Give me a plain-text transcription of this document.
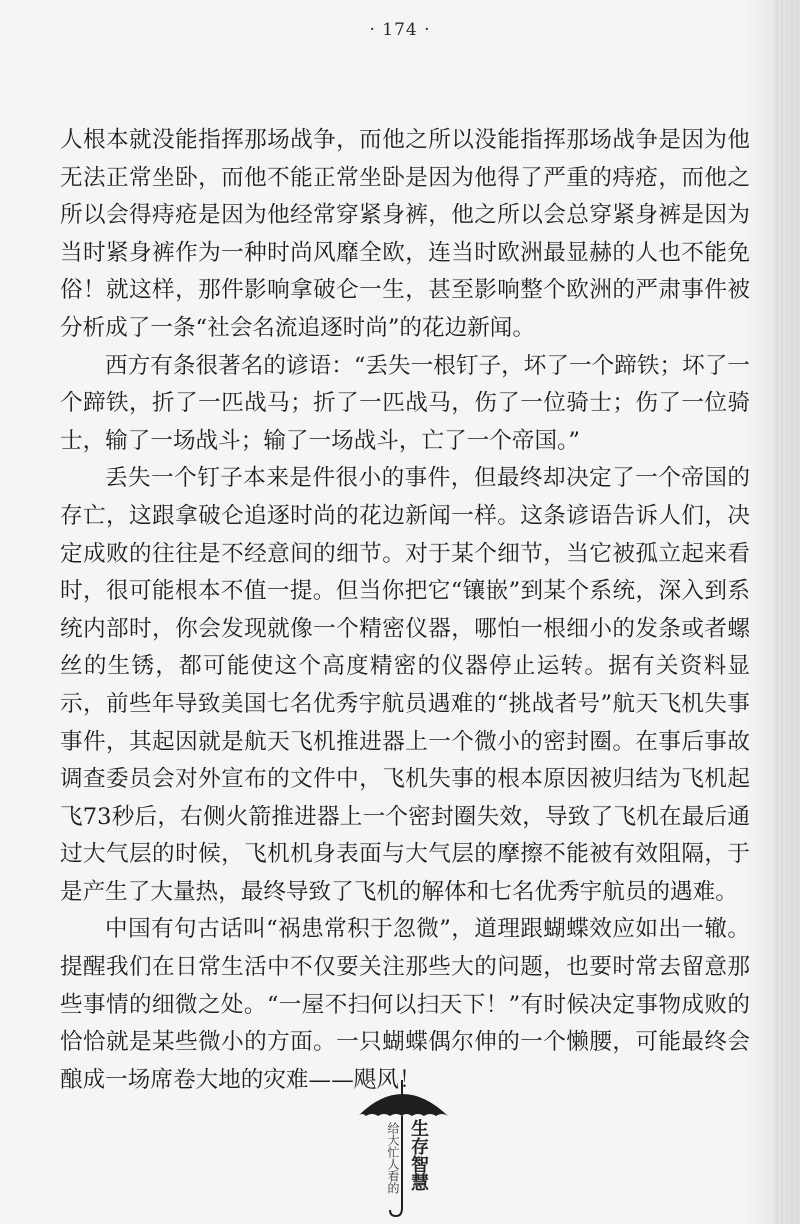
· 174 ·

人根本就没能指挥那场战争，而他之所以没能指挥那场战争是因为他无法正常坐卧，而他不能正常坐卧是因为他得了严重的痔疮，而他之所以会得痔疮是因为他经常穿紧身裤，他之所以会总穿紧身裤是因为当时紧身裤作为一种时尚风靡全欧，连当时欧洲最显赫的人也不能免俗！就这样，那件影响拿破仑一生，甚至影响整个欧洲的严肃事件被分析成了一条“社会名流追逐时尚”的花边新闻。

西方有条很著名的谚语：“丢失一根钉子，坏了一个蹄铁；坏了一个蹄铁，折了一匹战马；折了一匹战马，伤了一位骑士；伤了一位骑士，输了一场战斗；输了一场战斗，亡了一个帝国。”

丢失一个钉子本来是件很小的事件，但最终却决定了一个帝国的存亡，这跟拿破仑追逐时尚的花边新闻一样。这条谚语告诉人们，决定成败的往往是不经意间的细节。对于某个细节，当它被孤立起来看时，很可能根本不值一提。但当你把它“镶嵌”到某个系统，深入到系统内部时，你会发现就像一个精密仪器，哪怕一根细小的发条或者螺丝的生锈，都可能使这个高度精密的仪器停止运转。据有关资料显示，前些年导致美国七名优秀宇航员遇难的“挑战者号”航天飞机失事事件，其起因就是航天飞机推进器上一个微小的密封圈。在事后事故调查委员会对外宣布的文件中，飞机失事的根本原因被归结为飞机起飞73秒后，右侧火箭推进器上一个密封圈失效，导致了飞机在最后通过大气层的时候，飞机机身表面与大气层的摩擦不能被有效阻隔，于是产生了大量热，最终导致了飞机的解体和七名优秀宇航员的遇难。

中国有句古话叫“祸患常积于忽微”，道理跟蝴蝶效应如出一辙。提醒我们在日常生活中不仅要关注那些大的问题，也要时常去留意那些事情的细微之处。“一屋不扫何以扫天下！”有时候决定事物成败的恰恰就是某些微小的方面。一只蝴蝶偶尔伸的一个懒腰，可能最终会酿成一场席卷大地的灾难——飓风！

给大忙人看的 生存智慧
